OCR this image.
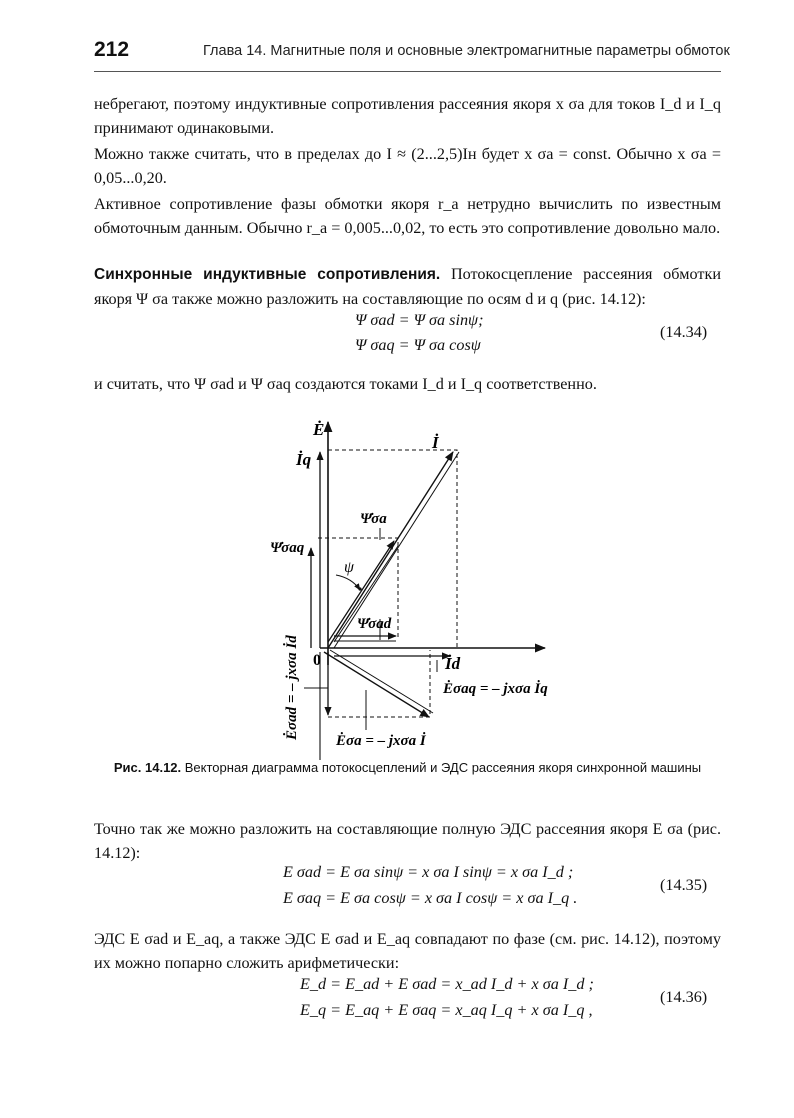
212	Глава 14. Магнитные поля и основные электромагнитные параметры обмоток
небрегают, поэтому индуктивные сопротивления рассеяния якоря x σa для токов I_d и I_q принимают одинаковыми.
Можно также считать, что в пределах до I ≈ (2...2,5)Iн будет x σa = const. Обычно x σa = 0,05...0,20.
Активное сопротивление фазы обмотки якоря r_a нетрудно вычислить по известным обмоточным данным. Обычно r_a = 0,005...0,02, то есть это сопротивление довольно мало.
Синхронные индуктивные сопротивления. Потокосцепление рассеяния обмотки якоря Ψ σa также можно разложить на составляющие по осям d и q (рис. 14.12):
Ψ σad = Ψ σa sinψ;
Ψ σaq = Ψ σa cosψ
(14.34)
и считать, что Ψ σad и Ψ σaq создаются токами I_d и I_q соответственно.
Ė
İq
İ
Ψ̇σa
Ψ̇σaq
ψ
Ψ̇σad
0	İd
Ėσaq = – jxσa İq
Ėσad = – jxσa İd
Ėσa = – jxσa İ
Рис. 14.12. Векторная диаграмма потокосцеплений и ЭДС рассеяния якоря синхронной машины
Точно так же можно разложить на составляющие полную ЭДС рассеяния якоря E σa (рис. 14.12):
E σad = E σa sinψ = x σa I sinψ = x σa I_d ;
E σaq = E σa cosψ = x σa I cosψ = x σa I_q .
(14.35)
ЭДС E σad и E_aq, а также ЭДС E σad и E_aq совпадают по фазе (см. рис. 14.12), поэтому их можно попарно сложить арифметически:
E_d = E_ad + E σad = x_ad I_d + x σa I_d ;
E_q = E_aq + E σaq = x_aq I_q + x σa I_q ,
(14.36)
